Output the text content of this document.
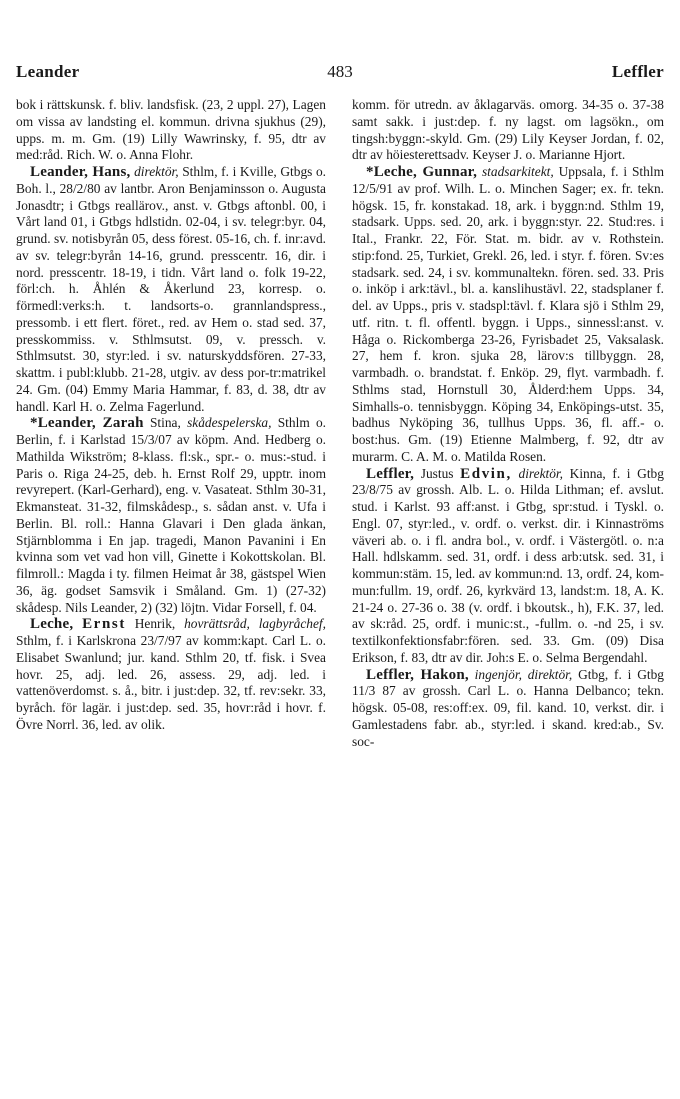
Leander	483	Leffler

bok i rättskunsk. f. bliv. landsfisk. (23, 2 uppl. 27), Lagen om vissa av landsting el. kommun. drivna sjukhus (29), upps. m. m. Gm. (19) Lilly Wawrinsky, f. 95, dtr av med:råd. Rich. W. o. Anna Flohr.

Leander, Hans, direktör, Sthlm, f. i Kville, Gtbgs o. Boh. l., 28/2/80 av lantbr. Aron Benjaminsson o. Augusta Jonasdtr; i Gtbgs reallärov., anst. v. Gtbgs aftonbl. 00, i Vårt land 01, i Gtbgs hdlstidn. 02-04, i sv. telegr:byr. 04, grund. sv. notisbyrån 05, dess förest. 05-16, ch. f. inr:avd. av sv. telegr:byrån 14-16, grund. presscentr. 16, dir. i nord. presscentr. 18-19, i tidn. Vårt land o. folk 19-22, förl:ch. h. Åhlén & Åkerlund 23, korresp. o. förmedl:verks:h. t. landsorts-o. grannlandspress., pressomb. i ett flert. föret., red. av Hem o. stad sed. 37, presskommiss. v. Sthlmsutst. 09, v. pressch. v. Sthlmsutst. 30, styr:led. i sv. naturskyddsfören. 27-33, skattm. i publ:klubb. 21-28, utgiv. av dess por-tr:matrikel 24. Gm. (04) Emmy Maria Hammar, f. 83, d. 38, dtr av handl. Karl H. o. Zelma Fagerlund.

*Leander, Zarah Stina, skådespelerska, Sthlm o. Berlin, f. i Karlstad 15/3/07 av köpm. And. Hedberg o. Mathilda Wikström; 8-klass. fl:sk., spr.- o. mus:-stud. i Paris o. Riga 24-25, deb. h. Ernst Rolf 29, upptr. inom revyrepert. (Karl-Gerhard), eng. v. Vasateat. Sthlm 30-31, Ekmansteat. 31-32, filmskådesp., s. sådan anst. v. Ufa i Berlin. Bl. roll.: Hanna Glavari i Den glada änkan, Stjärnblomma i En jap. tragedi, Manon Pavanini i En kvinna som vet vad hon vill, Ginette i Kokottskolan. Bl. filmroll.: Magda i ty. filmen Heimat år 38, gästspel Wien 36, äg. godset Samsvik i Småland. Gm. 1) (27-32) skådesp. Nils Leander, 2) (32) löjtn. Vidar Forsell, f. 04.

Leche, Ernst Henrik, hovrättsråd, lagbyråchef, Sthlm, f. i Karlskrona 23/7/97 av komm:kapt. Carl L. o. Elisabet Swanlund; jur. kand. Sthlm 20, tf. fisk. i Svea hovr. 25, adj. led. 26, assess. 29, adj. led. i vattenöverdomst. s. å., bitr. i just:dep. 32, tf. rev:sekr. 33, byråch. för lagär. i just:dep. sed. 35, hovr:råd i hovr. f. Övre Norrl. 36, led. av olik.

komm. för utredn. av åklagarväs. omorg. 34-35 o. 37-38 samt sakk. i just:dep. f. ny lagst. om lagsökn., om tingsh:byggn:-skyld. Gm. (29) Lily Keyser Jordan, f. 02, dtr av höiesterettsadv. Keyser J. o. Marianne Hjort.

*Leche, Gunnar, stadsarkitekt, Uppsala, f. i Sthlm 12/5/91 av prof. Wilh. L. o. Minchen Sager; ex. fr. tekn. högsk. 15, fr. konstakad. 18, ark. i byggn:nd. Sthlm 19, stadsark. Upps. sed. 20, ark. i byggn:styr. 22. Stud:res. i Ital., Frankr. 22, För. Stat. m. bidr. av v. Rothstein. stip:fond. 25, Turkiet, Grekl. 26, led. i styr. f. fören. Sv:es stadsark. sed. 24, i sv. kommunaltekn. fören. sed. 33. Pris o. inköp i ark:tävl., bl. a. kanslihustävl. 22, stadsplaner f. del. av Upps., pris v. stadspl:tävl. f. Klara sjö i Sthlm 29, utf. ritn. t. fl. offentl. byggn. i Upps., sinnessl:anst. v. Håga o. Rickomberga 23-26, Fyrisbadet 25, Vaksalask. 27, hem f. kron. sjuka 28, lärov:s tillbyggn. 28, varmbadh. o. brandstat. f. Enköp. 29, flyt. varmbadh. f. Sthlms stad, Hornstull 30, Ålderd:hem Upps. 34, Simhalls-o. tennisbyggn. Köping 34, Enköpings-utst. 35, badhus Nyköping 36, tullhus Upps. 36, fl. aff.- o. bost:hus. Gm. (19) Etienne Malmberg, f. 92, dtr av murarm. C. A. M. o. Matilda Rosen.

Leffler, Justus Edvin, direktör, Kinna, f. i Gtbg 23/8/75 av grossh. Alb. L. o. Hilda Lithman; ef. avslut. stud. i Karlst. 93 aff:anst. i Gtbg, spr:stud. i Tyskl. o. Engl. 07, styr:led., v. ordf. o. verkst. dir. i Kinnaströms väveri ab. o. i fl. andra bol., v. ordf. i Västergötl. o. n:a Hall. hdlskamm. sed. 31, ordf. i dess arb:utsk. sed. 31, i kommun:stäm. 15, led. av kommun:nd. 13, ordf. 24, kom-mun:fullm. 19, ordf. 26, kyrkvärd 13, landst:m. 18, A. K. 21-24 o. 27-36 o. 38 (v. ordf. i bkoutsk., h), F.K. 37, led. av sk:råd. 25, ordf. i munic:st., -fullm. o. -nd 25, i sv. textilkonfektionsfabr:fören. sed. 33. Gm. (09) Disa Erikson, f. 83, dtr av dir. Joh:s E. o. Selma Bergendahl.

Leffler, Hakon, ingenjör, direktör, Gtbg, f. i Gtbg 11/3 87 av grossh. Carl L. o. Hanna Delbanco; tekn. högsk. 05-08, res:off:ex. 09, fil. kand. 10, verkst. dir. i Gamlestadens fabr. ab., styr:led. i skand. kred:ab., Sv. soc-
